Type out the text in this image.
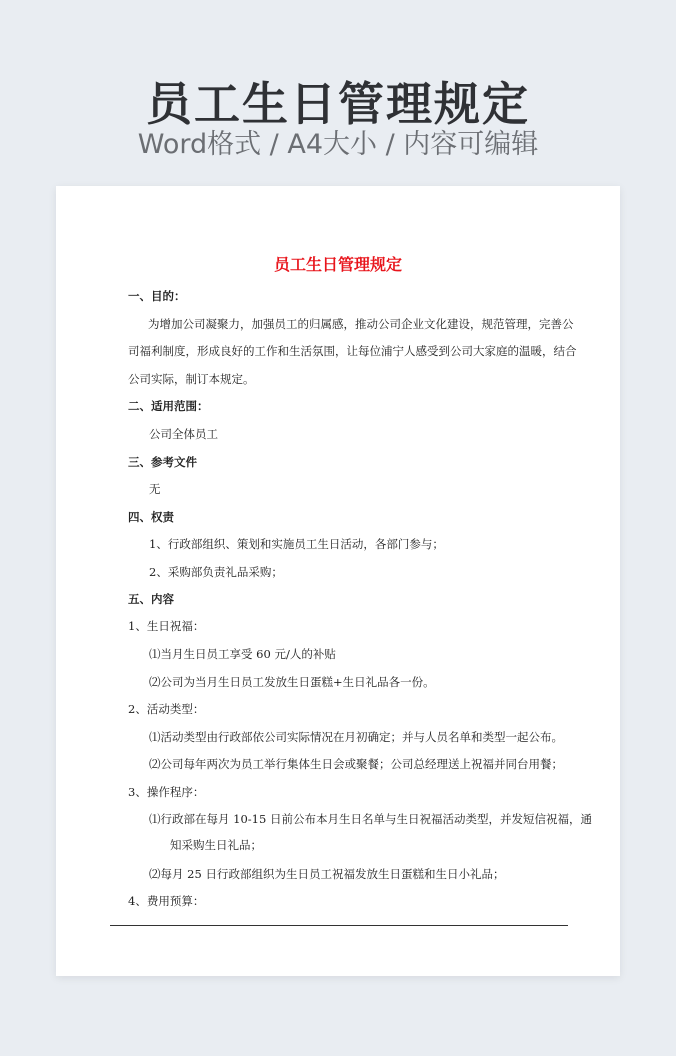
员工生日管理规定
Word格式 / A4大小 / 内容可编辑
员工生日管理规定
一、目的：
为增加公司凝聚力，加强员工的归属感，推动公司企业文化建设，规范管理，完善公
司福利制度，形成良好的工作和生活氛围，让每位浦宁人感受到公司大家庭的温暖，结合
公司实际，制订本规定。
二、适用范围：
公司全体员工
三、参考文件
无
四、权责
1、行政部组织、策划和实施员工生日活动，各部门参与；
2、采购部负责礼品采购；
五、内容
1、生日祝福：
⑴当月生日员工享受 60 元/人的补贴
⑵公司为当月生日员工发放生日蛋糕+生日礼品各一份。
2、活动类型：
⑴活动类型由行政部依公司实际情况在月初确定；并与人员名单和类型一起公布。
⑵公司每年两次为员工举行集体生日会或聚餐；公司总经理送上祝福并同台用餐；
3、操作程序：
⑴行政部在每月 10-15 日前公布本月生日名单与生日祝福活动类型，并发短信祝福，通
知采购生日礼品；
⑵每月 25 日行政部组织为生日员工祝福发放生日蛋糕和生日小礼品；
4、费用预算：
